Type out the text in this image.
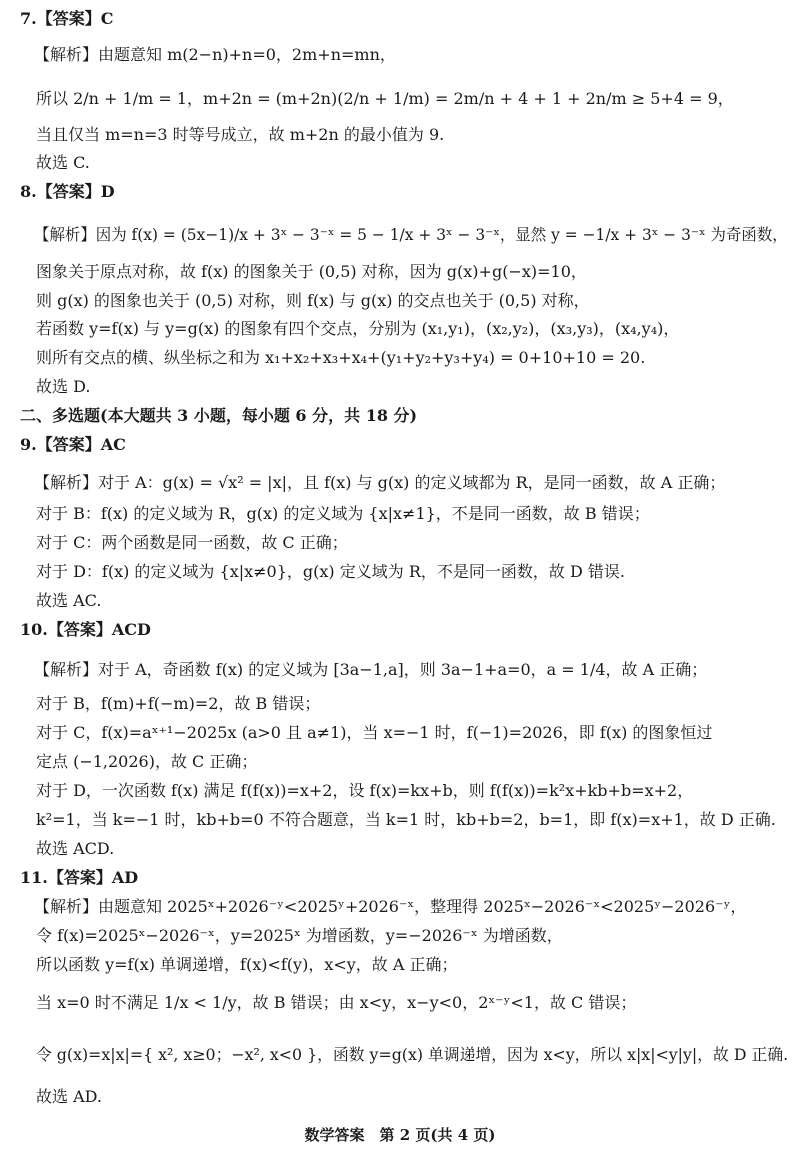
7.【答案】C
【解析】由题意知 m(2−n)+n=0，2m+n=mn，
所以 2/n + 1/m = 1，m+2n = (m+2n)(2/n + 1/m) = 2m/n + 4 + 1 + 2n/m ≥ 5+4 = 9，
当且仅当 m=n=3 时等号成立，故 m+2n 的最小值为 9.
故选 C.
8.【答案】D
【解析】因为 f(x) = (5x−1)/x + 3ˣ − 3⁻ˣ = 5 − 1/x + 3ˣ − 3⁻ˣ，显然 y = −1/x + 3ˣ − 3⁻ˣ 为奇函数，
图象关于原点对称，故 f(x) 的图象关于 (0,5) 对称，因为 g(x)+g(−x)=10，
则 g(x) 的图象也关于 (0,5) 对称，则 f(x) 与 g(x) 的交点也关于 (0,5) 对称，
若函数 y=f(x) 与 y=g(x) 的图象有四个交点，分别为 (x₁,y₁)，(x₂,y₂)，(x₃,y₃)，(x₄,y₄)，
则所有交点的横、纵坐标之和为 x₁+x₂+x₃+x₄+(y₁+y₂+y₃+y₄) = 0+10+10 = 20.
故选 D.
二、多选题(本大题共 3 小题，每小题 6 分，共 18 分)
9.【答案】AC
【解析】对于 A：g(x) = √x² = |x|，且 f(x) 与 g(x) 的定义域都为 R，是同一函数，故 A 正确；
对于 B：f(x) 的定义域为 R，g(x) 的定义域为 {x|x≠1}，不是同一函数，故 B 错误；
对于 C：两个函数是同一函数，故 C 正确；
对于 D：f(x) 的定义域为 {x|x≠0}，g(x) 定义域为 R，不是同一函数，故 D 错误.
故选 AC.
10.【答案】ACD
【解析】对于 A，奇函数 f(x) 的定义域为 [3a−1,a]，则 3a−1+a=0，a = 1/4，故 A 正确；
对于 B，f(m)+f(−m)=2，故 B 错误；
对于 C，f(x)=aˣ⁺¹−2025x (a>0 且 a≠1)，当 x=−1 时，f(−1)=2026，即 f(x) 的图象恒过
定点 (−1,2026)，故 C 正确；
对于 D，一次函数 f(x) 满足 f(f(x))=x+2，设 f(x)=kx+b，则 f(f(x))=k²x+kb+b=x+2，
k²=1，当 k=−1 时，kb+b=0 不符合题意，当 k=1 时，kb+b=2，b=1，即 f(x)=x+1，故 D 正确.
故选 ACD.
11.【答案】AD
【解析】由题意知 2025ˣ+2026⁻ʸ<2025ʸ+2026⁻ˣ，整理得 2025ˣ−2026⁻ˣ<2025ʸ−2026⁻ʸ，
令 f(x)=2025ˣ−2026⁻ˣ，y=2025ˣ 为增函数，y=−2026⁻ˣ 为增函数，
所以函数 y=f(x) 单调递增，f(x)<f(y)，x<y，故 A 正确；
当 x=0 时不满足 1/x < 1/y，故 B 错误；由 x<y，x−y<0，2ˣ⁻ʸ<1，故 C 错误；
令 g(x)=x|x|={ x², x≥0；−x², x<0 }，函数 y=g(x) 单调递增，因为 x<y，所以 x|x|<y|y|，故 D 正确.
故选 AD.
数学答案　第 2 页(共 4 页)
